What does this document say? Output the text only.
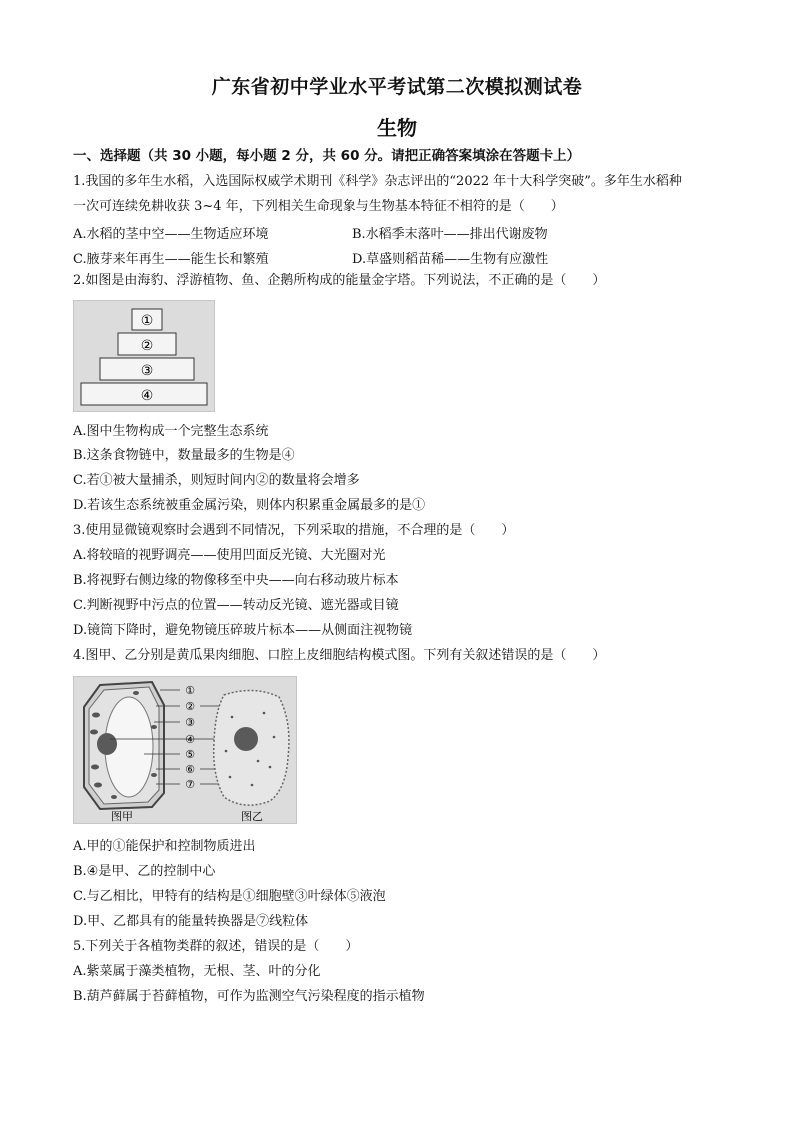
广东省初中学业水平考试第二次模拟测试卷
生物
一、选择题（共 30 小题，每小题 2 分，共 60 分。请把正确答案填涂在答题卡上）
1.我国的多年生水稻，入选国际权威学术期刊《科学》杂志评出的“2022 年十大科学突破”。多年生水稻种
一次可连续免耕收获 3~4 年，下列相关生命现象与生物基本特征不相符的是（　　）
A.水稻的茎中空——生物适应环境	B.水稻季末落叶——排出代谢废物
C.腋芽来年再生——能生长和繁殖	D.草盛则稻苗稀——生物有应激性
2.如图是由海豹、浮游植物、鱼、企鹅所构成的能量金字塔。下列说法，不正确的是（　　）
①
②
③
④
A.图中生物构成一个完整生态系统
B.这条食物链中，数量最多的生物是④
C.若①被大量捕杀，则短时间内②的数量将会增多
D.若该生态系统被重金属污染，则体内积累重金属最多的是①
3.使用显微镜观察时会遇到不同情况，下列采取的措施，不合理的是（　　）
A.将较暗的视野调亮——使用凹面反光镜、大光圈对光
B.将视野右侧边缘的物像移至中央——向右移动玻片标本
C.判断视野中污点的位置——转动反光镜、遮光器或目镜
D.镜筒下降时，避免物镜压碎玻片标本——从侧面注视物镜
4.图甲、乙分别是黄瓜果肉细胞、口腔上皮细胞结构模式图。下列有关叙述错误的是（　　）
①
②
③
④
⑤
⑥
⑦
图甲	图乙
A.甲的①能保护和控制物质进出
B.④是甲、乙的控制中心
C.与乙相比，甲特有的结构是①细胞壁③叶绿体⑤液泡
D.甲、乙都具有的能量转换器是⑦线粒体
5.下列关于各植物类群的叙述，错误的是（　　）
A.紫菜属于藻类植物，无根、茎、叶的分化
B.葫芦藓属于苔藓植物，可作为监测空气污染程度的指示植物
